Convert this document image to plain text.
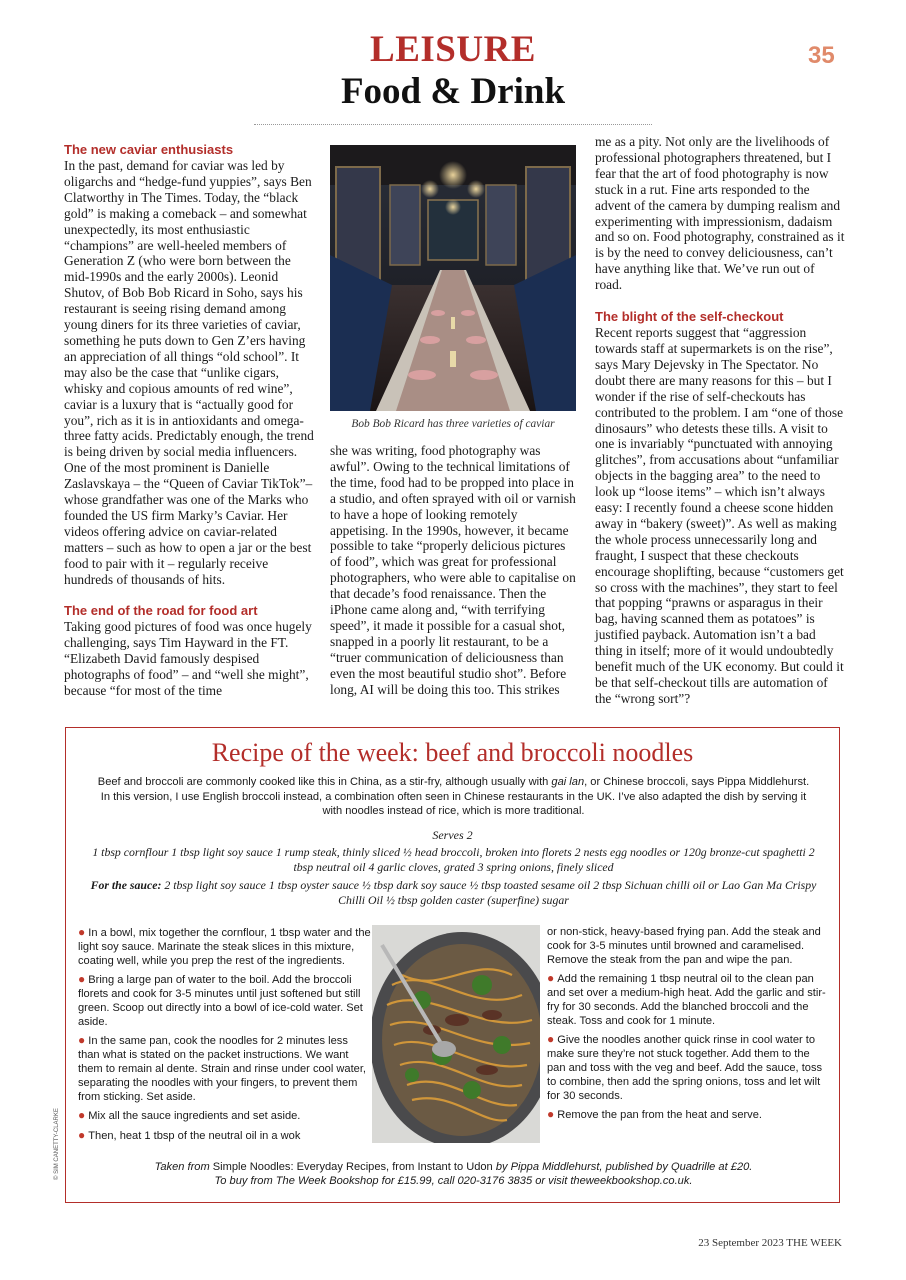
LEISURE
Food & Drink
35

The new caviar enthusiasts

In the past, demand for caviar was led by oligarchs and “hedge-fund yuppies”, says Ben Clatworthy in The Times. Today, the “black gold” is making a comeback – and somewhat unexpectedly, its most enthusiastic “champions” are well-heeled members of Generation Z (who were born between the mid-1990s and the early 2000s). Leonid Shutov, of Bob Bob Ricard in Soho, says his restaurant is seeing rising demand among young diners for its three varieties of caviar, something he puts down to Gen Z’ers having an appreciation of all things “old school”. It may also be the case that “unlike cigars, whisky and copious amounts of red wine”, caviar is a luxury that is “actually good for you”, rich as it is in antioxidants and omega-three fatty acids. Predictably enough, the trend is being driven by social media influencers. One of the most prominent is Danielle Zaslavskaya – the “Queen of Caviar TikTok”– whose grandfather was one of the Marks who founded the US firm Marky’s Caviar. Her videos offering advice on caviar-related matters – such as how to open a jar or the best food to pair with it – regularly receive hundreds of thousands of hits.

The end of the road for food art

Taking good pictures of food was once hugely challenging, says Tim Hayward in the FT. “Elizabeth David famously despised photographs of food” – and “well she might”, because “for most of the time

Bob Bob Ricard has three varieties of caviar

she was writing, food photography was awful”. Owing to the technical limitations of the time, food had to be propped into place in a studio, and often sprayed with oil or varnish to have a hope of looking remotely appetising. In the 1990s, however, it became possible to take “properly delicious pictures of food”, which was great for professional photographers, who were able to capitalise on that decade’s food renaissance. Then the iPhone came along and, “with terrifying speed”, it made it possible for a casual shot, snapped in a poorly lit restaurant, to be a “truer communication of deliciousness than even the most beautiful studio shot”. Before long, AI will be doing this too. This strikes

me as a pity. Not only are the livelihoods of professional photographers threatened, but I fear that the art of food photography is now stuck in a rut. Fine arts responded to the advent of the camera by dumping realism and experimenting with impressionism, dadaism and so on. Food photography, constrained as it is by the need to convey deliciousness, can’t have anything like that. We’ve run out of road.

The blight of the self-checkout

Recent reports suggest that “aggression towards staff at supermarkets is on the rise”, says Mary Dejevsky in The Spectator. No doubt there are many reasons for this – but I wonder if the rise of self-checkouts has contributed to the problem. I am “one of those dinosaurs” who detests these tills. A visit to one is invariably “punctuated with annoying glitches”, from accusations about “unfamiliar objects in the bagging area” to the need to look up “loose items” – which isn’t always easy: I recently found a cheese scone hidden away in “bakery (sweet)”. As well as making the whole process unnecessarily long and fraught, I suspect that these checkouts encourage shoplifting, because “customers get so cross with the machines”, they start to feel that popping “prawns or asparagus in their bag, having scanned them as potatoes” is justified payback. Automation isn’t a bad thing in itself; more of it would undoubtedly benefit much of the UK economy. But could it be that self-checkout tills are automation of the “wrong sort”?

Recipe of the week: beef and broccoli noodles
Beef and broccoli are commonly cooked like this in China, as a stir-fry, although usually with gai lan, or Chinese broccoli, says Pippa Middlehurst. In this version, I use English broccoli instead, a combination often seen in Chinese restaurants in the UK. I’ve also adapted the dish by serving it with noodles instead of rice, which is more traditional.
Serves 2
1 tbsp cornflour 1 tbsp light soy sauce 1 rump steak, thinly sliced ½ head broccoli, broken into florets 2 nests egg noodles or 120g bronze-cut spaghetti 2 tbsp neutral oil 4 garlic cloves, grated 3 spring onions, finely sliced
For the sauce: 2 tbsp light soy sauce 1 tbsp oyster sauce ½ tbsp dark soy sauce ½ tbsp toasted sesame oil 2 tbsp Sichuan chilli oil or Lao Gan Ma Crispy Chilli Oil ½ tbsp golden caster (superfine) sugar

● In a bowl, mix together the cornflour, 1 tbsp water and the light soy sauce. Marinate the steak slices in this mixture, coating well, while you prep the rest of the ingredients.

● Bring a large pan of water to the boil. Add the broccoli florets and cook for 3-5 minutes until just softened but still green. Scoop out directly into a bowl of ice-cold water. Set aside.

● In the same pan, cook the noodles for 2 minutes less than what is stated on the packet instructions. We want them to remain al dente. Strain and rinse under cool water, separating the noodles with your fingers, to prevent them from sticking. Set aside.

● Mix all the sauce ingredients and set aside.

● Then, heat 1 tbsp of the neutral oil in a wok

or non-stick, heavy-based frying pan. Add the steak and cook for 3-5 minutes until browned and caramelised. Remove the steak from the pan and wipe the pan.

● Add the remaining 1 tbsp neutral oil to the clean pan and set over a medium-high heat. Add the garlic and stir-fry for 30 seconds. Add the blanched broccoli and the steak. Toss and cook for 1 minute.

● Give the noodles another quick rinse in cool water to make sure they’re not stuck together. Add them to the pan and toss with the veg and beef. Add the sauce, toss to combine, then add the spring onions, toss and let wilt for 30 seconds.

● Remove the pan from the heat and serve.

Taken from Simple Noodles: Everyday Recipes, from Instant to Udon by Pippa Middlehurst, published by Quadrille at £20.
To buy from The Week Bookshop for £15.99, call 020-3176 3835 or visit theweekbookshop.co.uk.
© SIM CANETTY-CLARKE
23 September 2023 THE WEEK
